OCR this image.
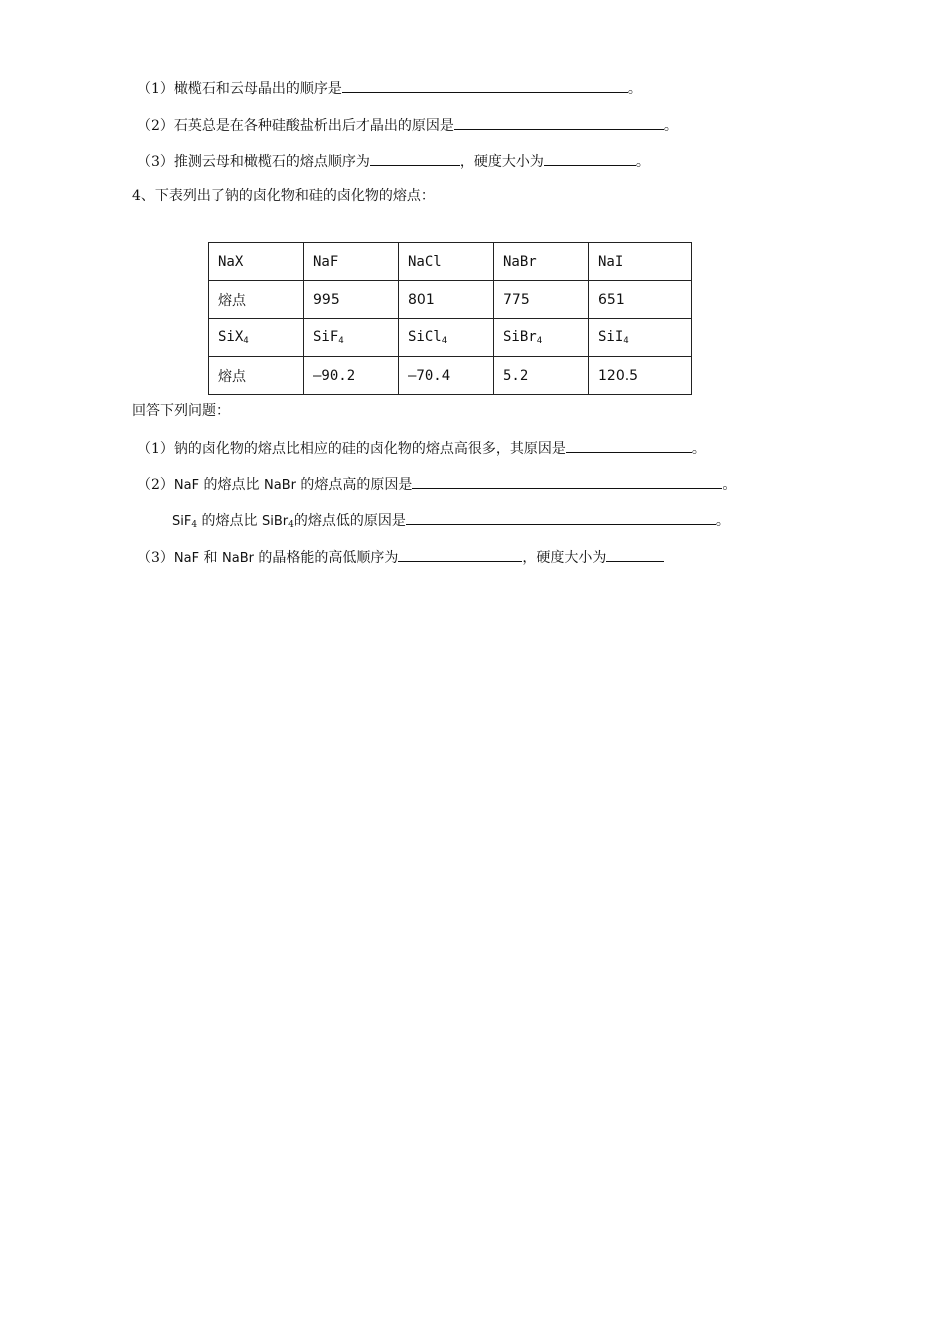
（1）橄榄石和云母晶出的顺序是	。
（2）石英总是在各种硅酸盐析出后才晶出的原因是	。
（3）推测云母和橄榄石的熔点顺序为	，硬度大小为	。
4、下表列出了钠的卤化物和硅的卤化物的熔点：
NaX	NaF	NaCl	NaBr	NaI
熔点	995	801	775	651
SiX$_4$	SiF$_4$	SiCl$_4$	SiBr$_4$	SiI$_4$
熔点	—90.2	—70.4	5.2	120.5
回答下列问题：
（1）钠的卤化物的熔点比相应的硅的卤化物的熔点高很多，其原因是	。
（2）NaF 的熔点比 NaBr 的熔点高的原因是	。
SiF$_4$ 的熔点比 SiBr$_4$的熔点低的原因是	。
（3）NaF 和 NaBr 的晶格能的高低顺序为	，硬度大小为
